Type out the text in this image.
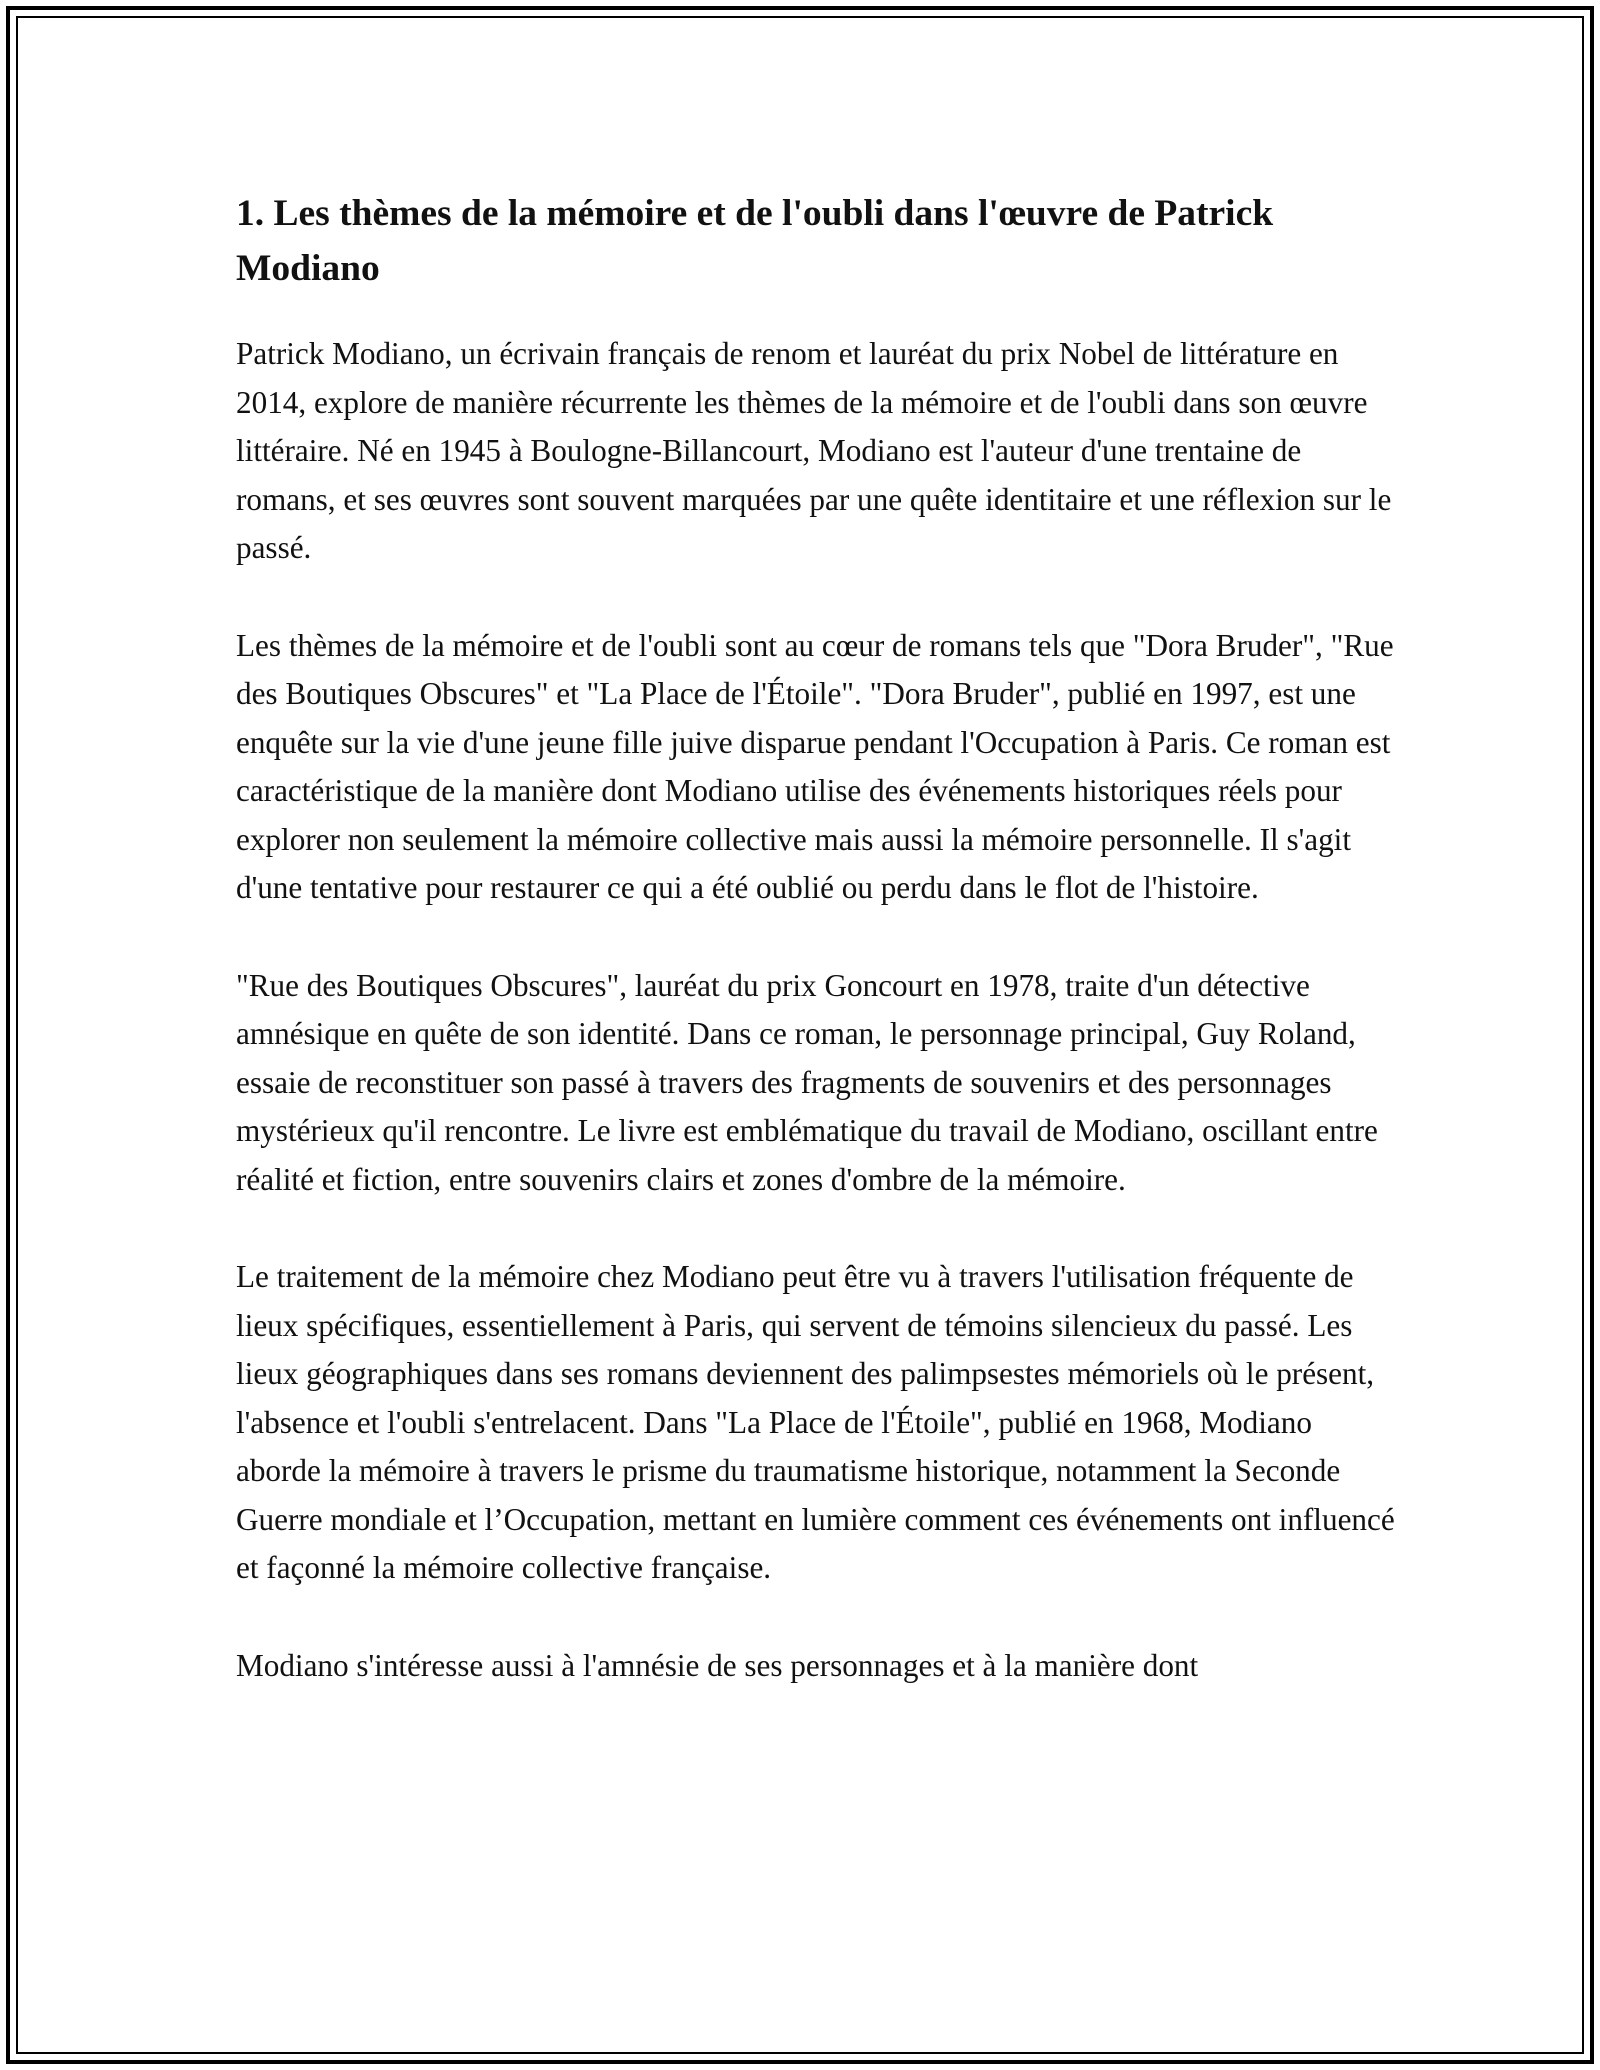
1. Les thèmes de la mémoire et de l'oubli dans l'œuvre de Patrick Modiano

Patrick Modiano, un écrivain français de renom et lauréat du prix Nobel de littérature en 2014, explore de manière récurrente les thèmes de la mémoire et de l'oubli dans son œuvre littéraire. Né en 1945 à Boulogne-Billancourt, Modiano est l'auteur d'une trentaine de romans, et ses œuvres sont souvent marquées par une quête identitaire et une réflexion sur le passé.

Les thèmes de la mémoire et de l'oubli sont au cœur de romans tels que "Dora Bruder", "Rue des Boutiques Obscures" et "La Place de l'Étoile". "Dora Bruder", publié en 1997, est une enquête sur la vie d'une jeune fille juive disparue pendant l'Occupation à Paris. Ce roman est caractéristique de la manière dont Modiano utilise des événements historiques réels pour explorer non seulement la mémoire collective mais aussi la mémoire personnelle. Il s'agit d'une tentative pour restaurer ce qui a été oublié ou perdu dans le flot de l'histoire.

"Rue des Boutiques Obscures", lauréat du prix Goncourt en 1978, traite d'un détective amnésique en quête de son identité. Dans ce roman, le personnage principal, Guy Roland, essaie de reconstituer son passé à travers des fragments de souvenirs et des personnages mystérieux qu'il rencontre. Le livre est emblématique du travail de Modiano, oscillant entre réalité et fiction, entre souvenirs clairs et zones d'ombre de la mémoire.

Le traitement de la mémoire chez Modiano peut être vu à travers l'utilisation fréquente de lieux spécifiques, essentiellement à Paris, qui servent de témoins silencieux du passé. Les lieux géographiques dans ses romans deviennent des palimpsestes mémoriels où le présent, l'absence et l'oubli s'entrelacent. Dans "La Place de l'Étoile", publié en 1968, Modiano aborde la mémoire à travers le prisme du traumatisme historique, notamment la Seconde Guerre mondiale et l’Occupation, mettant en lumière comment ces événements ont influencé et façonné la mémoire collective française.

Modiano s'intéresse aussi à l'amnésie de ses personnages et à la manière dont
